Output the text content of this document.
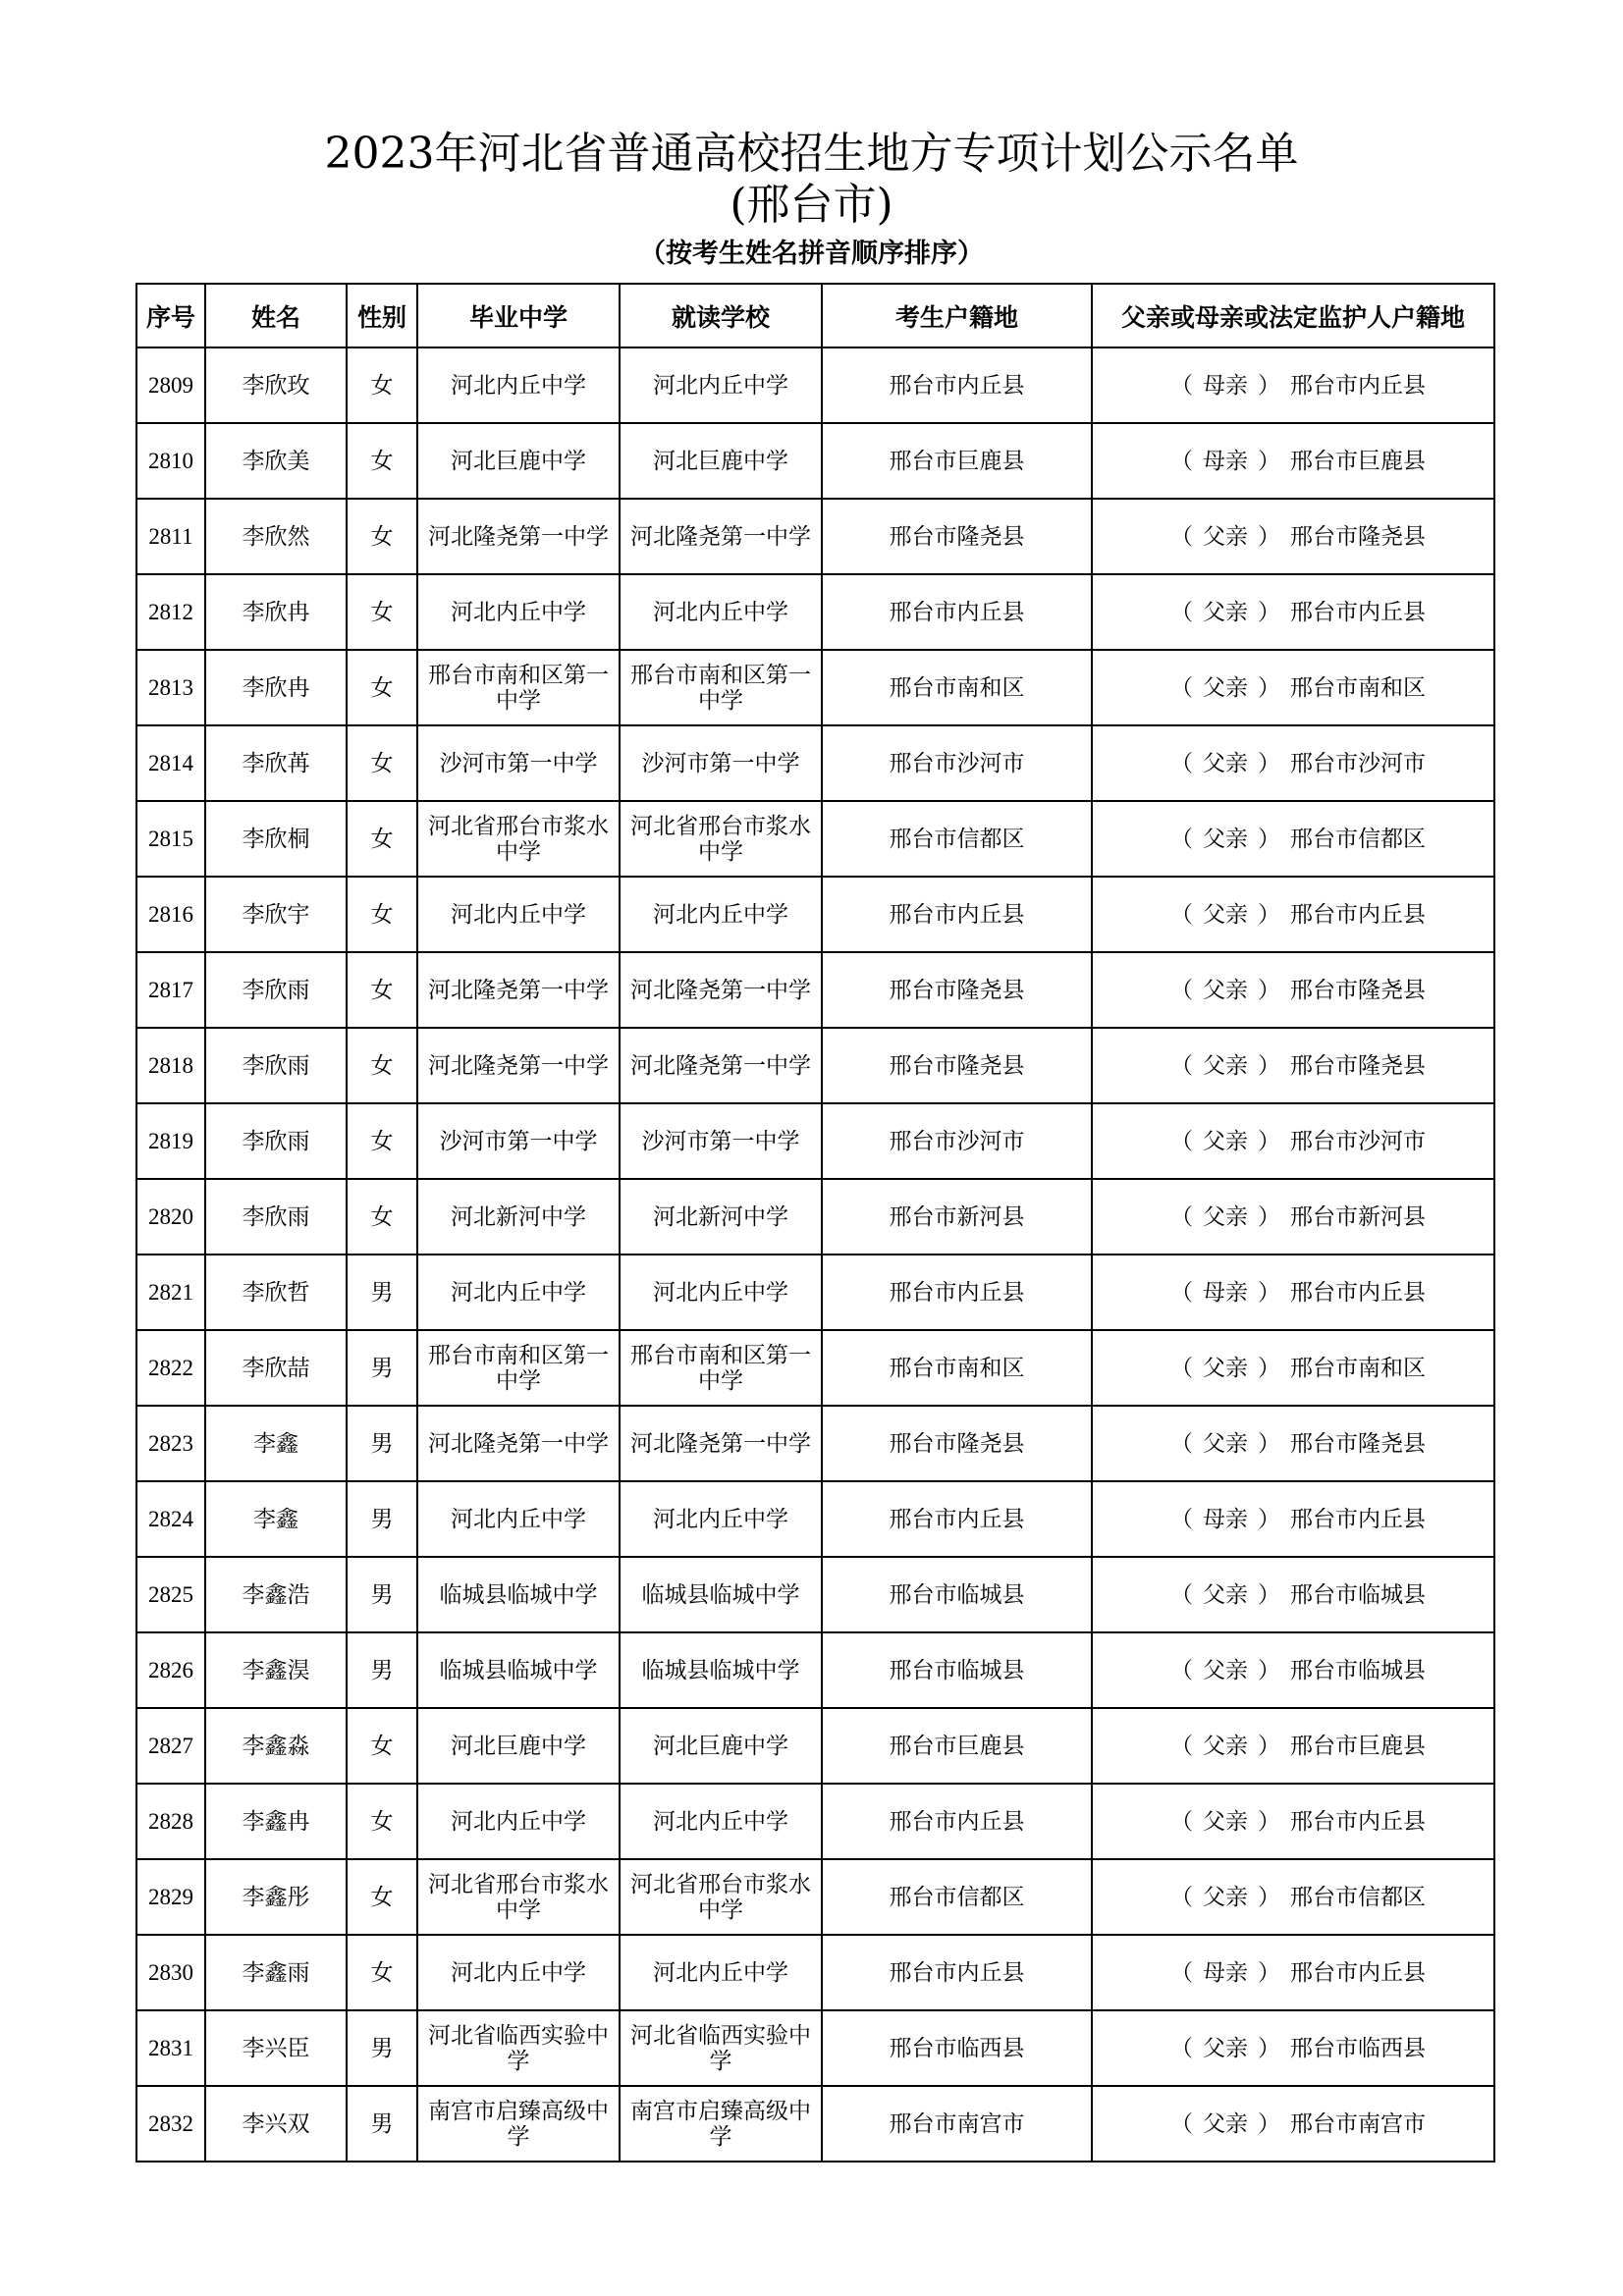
2023年河北省普通高校招生地方专项计划公示名单
(邢台市)
（按考生姓名拼音顺序排序）
序号	姓名	性别	毕业中学	就读学校	考生户籍地	父亲或母亲或法定监护人户籍地
2809	李欣玫	女	河北内丘中学	河北内丘中学	邢台市内丘县	（ 母亲 ） 邢台市内丘县
2810	李欣美	女	河北巨鹿中学	河北巨鹿中学	邢台市巨鹿县	（ 母亲 ） 邢台市巨鹿县
2811	李欣然	女	河北隆尧第一中学	河北隆尧第一中学	邢台市隆尧县	（ 父亲 ） 邢台市隆尧县
2812	李欣冉	女	河北内丘中学	河北内丘中学	邢台市内丘县	（ 父亲 ） 邢台市内丘县
2813	李欣冉	女	邢台市南和区第一中学	邢台市南和区第一中学	邢台市南和区	（ 父亲 ） 邢台市南和区
2814	李欣苒	女	沙河市第一中学	沙河市第一中学	邢台市沙河市	（ 父亲 ） 邢台市沙河市
2815	李欣桐	女	河北省邢台市浆水中学	河北省邢台市浆水中学	邢台市信都区	（ 父亲 ） 邢台市信都区
2816	李欣宇	女	河北内丘中学	河北内丘中学	邢台市内丘县	（ 父亲 ） 邢台市内丘县
2817	李欣雨	女	河北隆尧第一中学	河北隆尧第一中学	邢台市隆尧县	（ 父亲 ） 邢台市隆尧县
2818	李欣雨	女	河北隆尧第一中学	河北隆尧第一中学	邢台市隆尧县	（ 父亲 ） 邢台市隆尧县
2819	李欣雨	女	沙河市第一中学	沙河市第一中学	邢台市沙河市	（ 父亲 ） 邢台市沙河市
2820	李欣雨	女	河北新河中学	河北新河中学	邢台市新河县	（ 父亲 ） 邢台市新河县
2821	李欣哲	男	河北内丘中学	河北内丘中学	邢台市内丘县	（ 母亲 ） 邢台市内丘县
2822	李欣喆	男	邢台市南和区第一中学	邢台市南和区第一中学	邢台市南和区	（ 父亲 ） 邢台市南和区
2823	李鑫	男	河北隆尧第一中学	河北隆尧第一中学	邢台市隆尧县	（ 父亲 ） 邢台市隆尧县
2824	李鑫	男	河北内丘中学	河北内丘中学	邢台市内丘县	（ 母亲 ） 邢台市内丘县
2825	李鑫浩	男	临城县临城中学	临城县临城中学	邢台市临城县	（ 父亲 ） 邢台市临城县
2826	李鑫淏	男	临城县临城中学	临城县临城中学	邢台市临城县	（ 父亲 ） 邢台市临城县
2827	李鑫淼	女	河北巨鹿中学	河北巨鹿中学	邢台市巨鹿县	（ 父亲 ） 邢台市巨鹿县
2828	李鑫冉	女	河北内丘中学	河北内丘中学	邢台市内丘县	（ 父亲 ） 邢台市内丘县
2829	李鑫彤	女	河北省邢台市浆水中学	河北省邢台市浆水中学	邢台市信都区	（ 父亲 ） 邢台市信都区
2830	李鑫雨	女	河北内丘中学	河北内丘中学	邢台市内丘县	（ 母亲 ） 邢台市内丘县
2831	李兴臣	男	河北省临西实验中学	河北省临西实验中学	邢台市临西县	（ 父亲 ） 邢台市临西县
2832	李兴双	男	南宫市启臻高级中学	南宫市启臻高级中学	邢台市南宫市	（ 父亲 ） 邢台市南宫市
